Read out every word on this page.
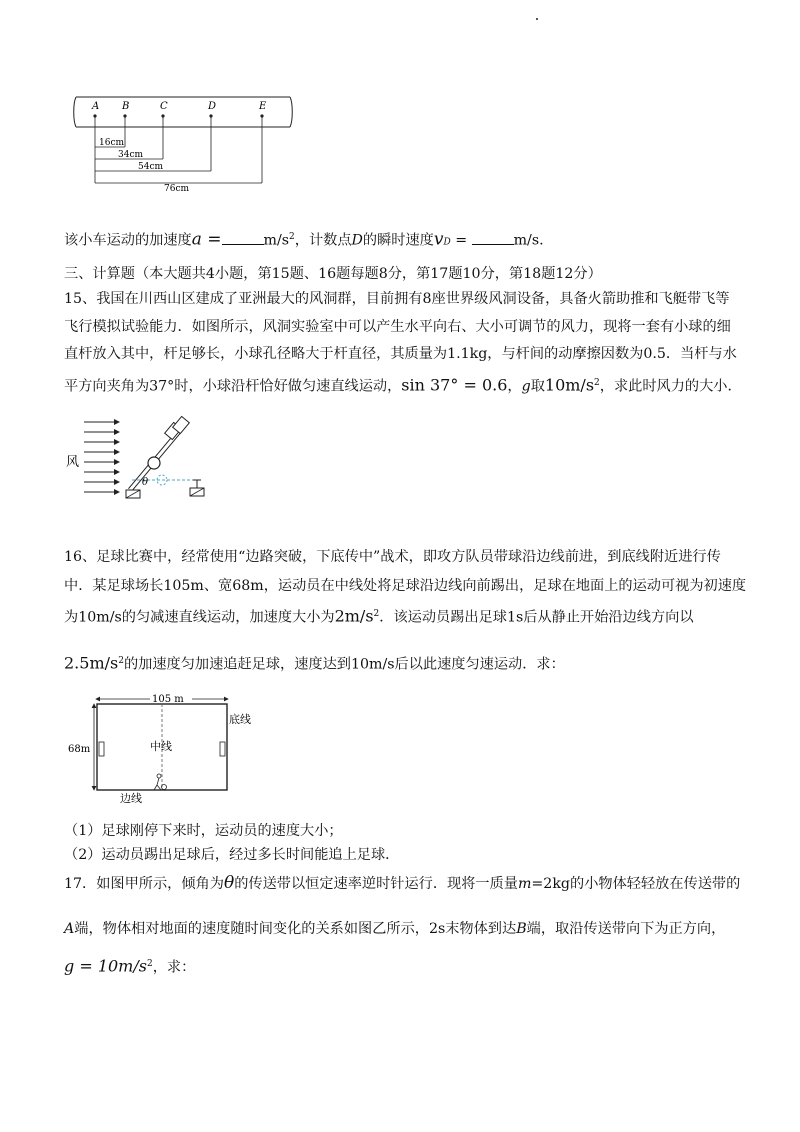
A B	C	D	E
16cm
34cm
54cm
76cm
该小车运动的加速度a =	$m/s^2$，计数点D的瞬时速度vD =	m/s.
三、计算题（本大题共4小题，第15题、16题每题8分，第17题10分，第18题12分）
15、我国在川西山区建成了亚洲最大的风洞群，目前拥有8座世界级风洞设备，具备火箭助推和飞艇带飞等
飞行模拟试验能力．如图所示，风洞实验室中可以产生水平向右、大小可调节的风力，现将一套有小球的细
直杆放入其中，杆足够长，小球孔径略大于杆直径，其质量为1.1kg，与杆间的动摩擦因数为0.5．当杆与水
平方向夹角为37°时，小球沿杆恰好做匀速直线运动，sin 37° = 0.6，g取$10m/s^2$，求此时风力的大小．
风
θ
16、足球比赛中，经常使用“边路突破，下底传中”战术，即攻方队员带球沿边线前进，到底线附近进行传
中．某足球场长105m、宽68m，运动员在中线处将足球沿边线向前踢出，足球在地面上的运动可视为初速度
为10m/s的匀减速直线运动，加速度大小为$2m/s^2$．该运动员踢出足球1s后从静止开始沿边线方向以
$2.5m/s^2$的加速度匀加速追赶足球，速度达到10m/s后以此速度匀速运动．求：
105 m
68m	中线
底线
边线
（1）足球刚停下来时，运动员的速度大小；
（2）运动员踢出足球后，经过多长时间能追上足球．
17．如图甲所示，倾角为θ的传送带以恒定速率逆时针运行．现将一质量m=2kg的小物体轻轻放在传送带的
A端，物体相对地面的速度随时间变化的关系如图乙所示，2s末物体到达B端，取沿传送带向下为正方向，
$g = 10m/s^2$，求：
